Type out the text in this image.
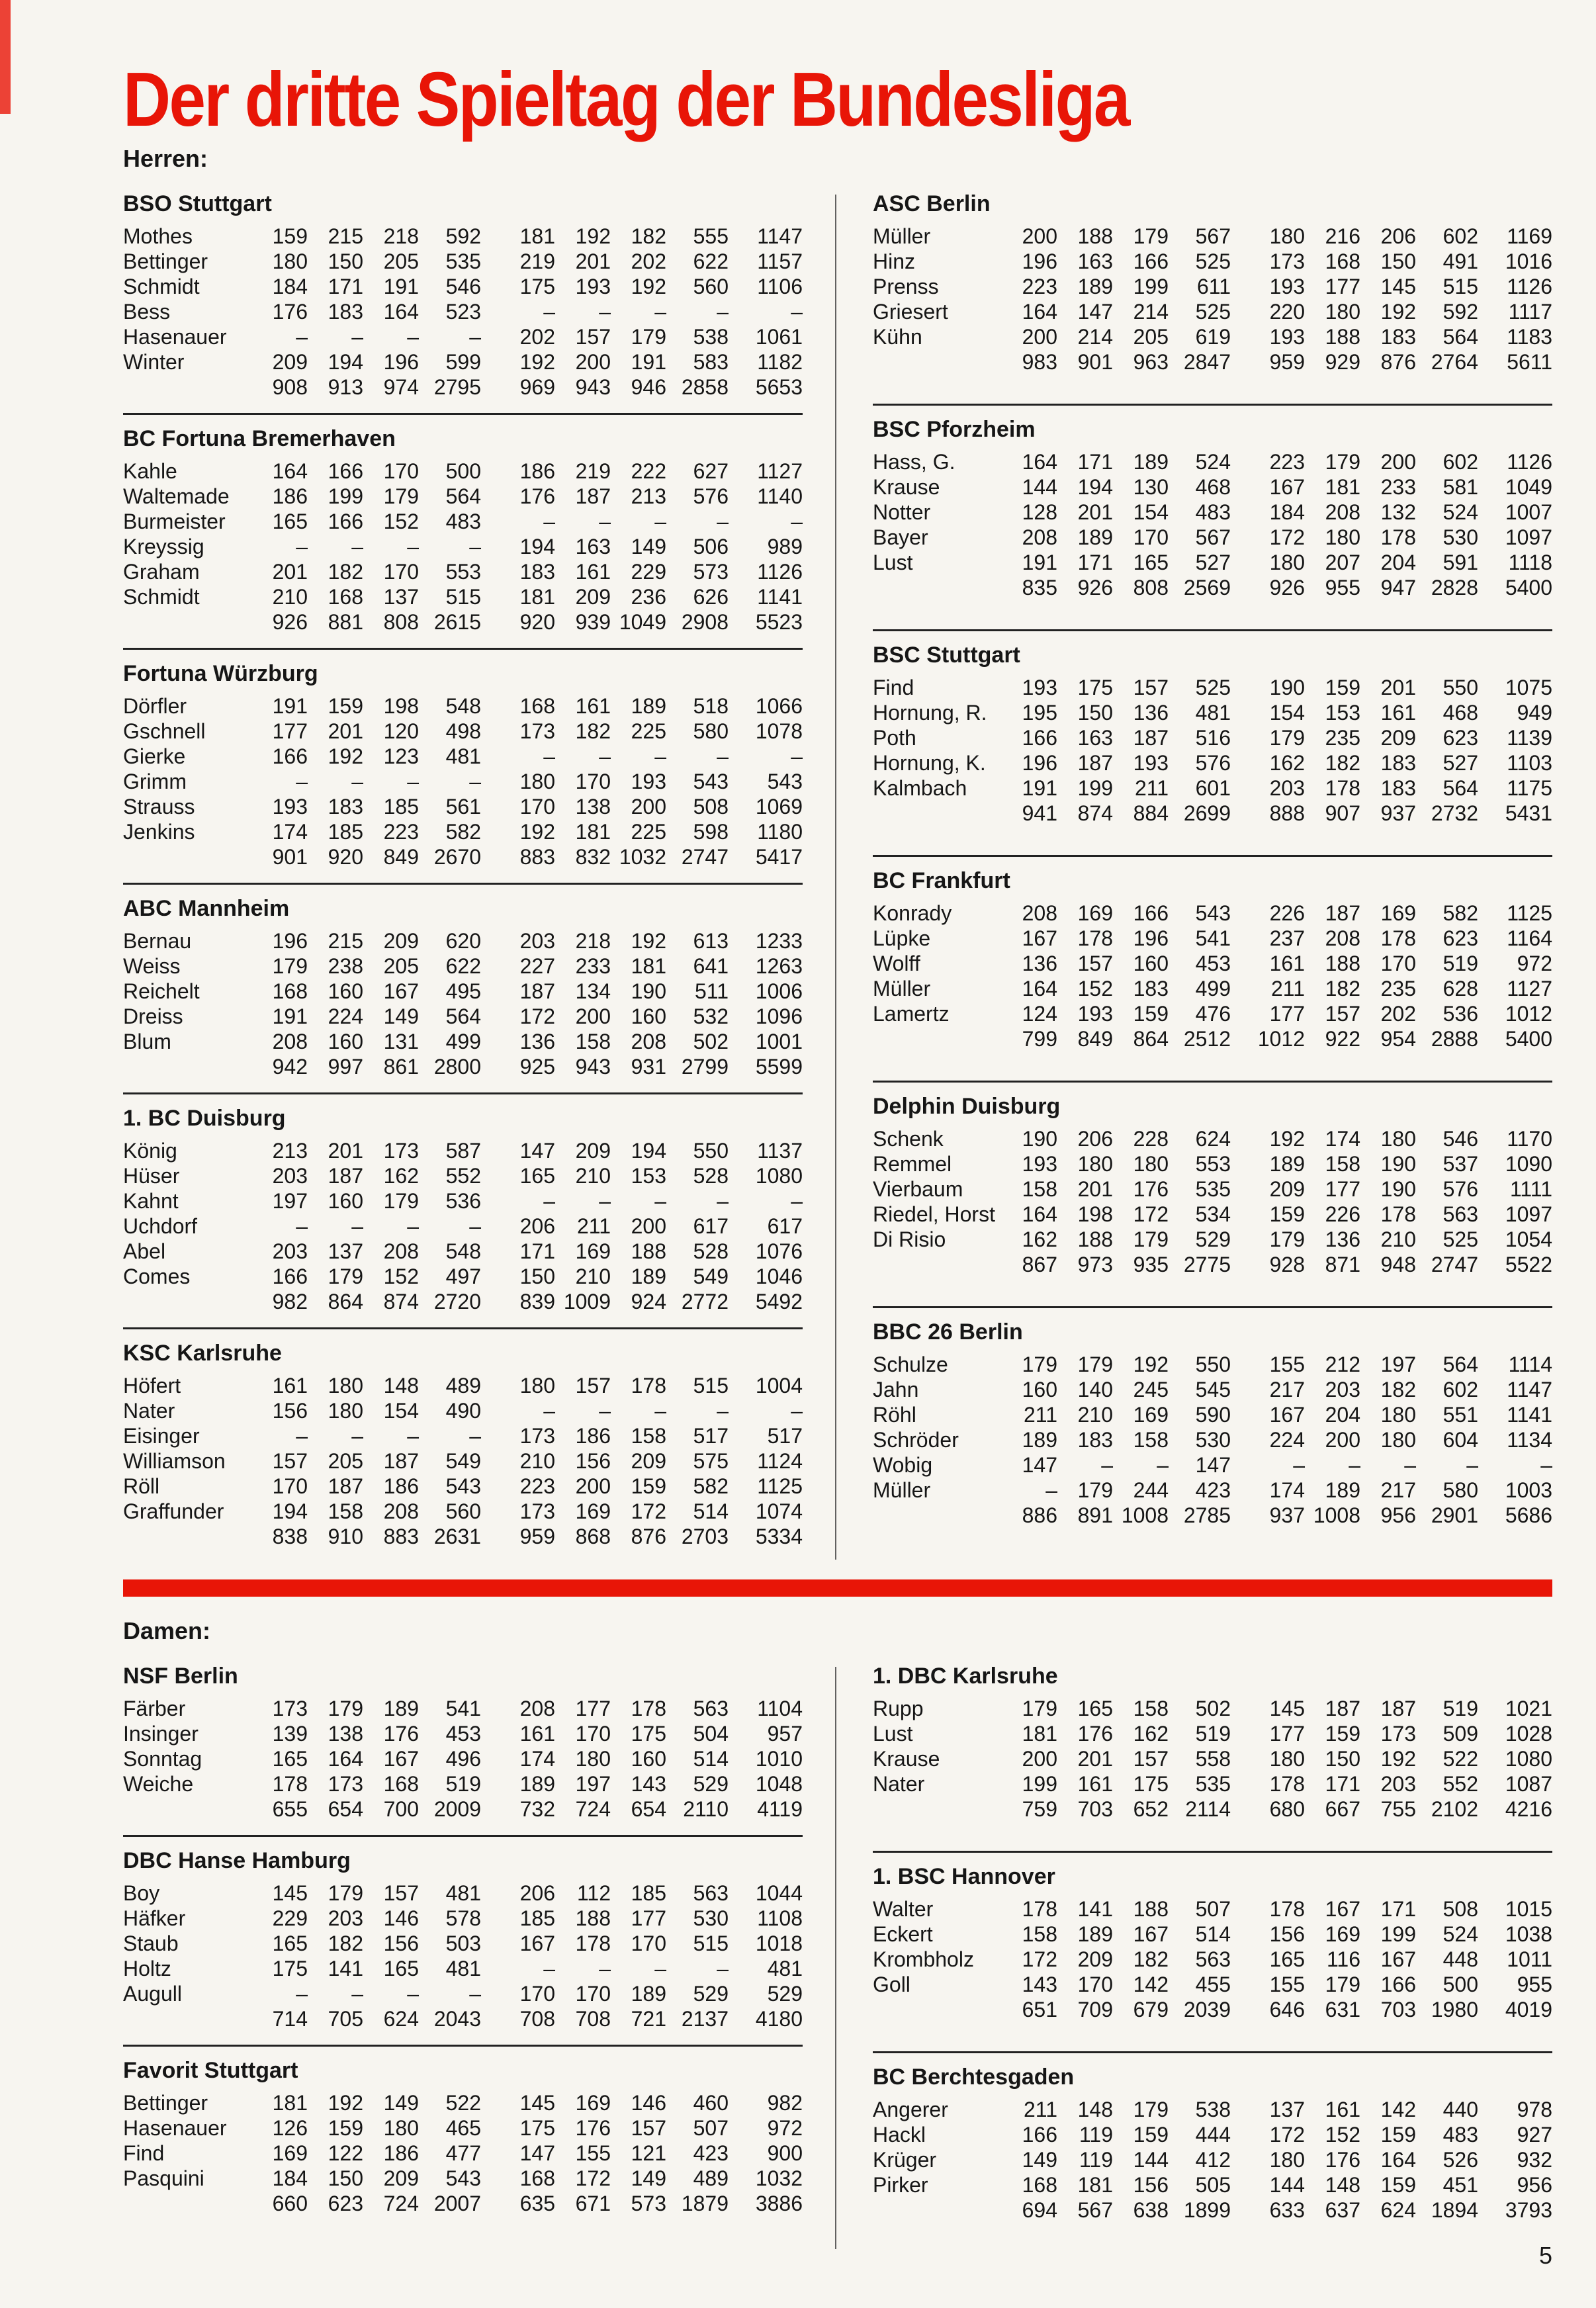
Der dritte Spieltag der Bundesliga
Herren:
BSO Stuttgart
Mothes	159 215 218	592	181 192 182	555	1147
Bettinger	180 150 205	535	219 201 202	622	1157
Schmidt	184 171 191	546	175 193 192	560	1106
Bess	176 183 164	523	–	–	–	–	–
Hasenauer	–	–	–	–	202 157 179	538	1061
Winter	209 194 196	599	192 200 191	583	1182
908 913 974 2795	969 943 946 2858	5653
BC Fortuna Bremerhaven
Kahle	164 166 170	500	186 219 222	627	1127
Waltemade	186 199 179	564	176 187 213	576	1140
Burmeister	165 166 152	483	–	–	–	–	–
Kreyssig	–	–	–	–	194 163 149	506	989
Graham	201 182 170	553	183 161 229	573	1126
Schmidt	210 168 137	515	181 209 236	626	1141
926 881 808 2615	920 939 1049 2908	5523
Fortuna Würzburg
Dörfler	191 159 198	548	168 161 189	518	1066
Gschnell	177 201 120	498	173 182 225	580	1078
Gierke	166 192 123	481	–	–	–	–	–
Grimm	–	–	–	–	180 170 193	543	543
Strauss	193 183 185	561	170 138 200	508	1069
Jenkins	174 185 223	582	192 181 225	598	1180
901 920 849 2670	883 832 1032 2747	5417
ABC Mannheim
Bernau	196 215 209	620	203 218 192	613	1233
Weiss	179 238 205	622	227 233 181	641	1263
Reichelt	168 160 167	495	187 134 190	511	1006
Dreiss	191 224 149	564	172 200 160	532	1096
Blum	208 160 131	499	136 158 208	502	1001
942 997 861 2800	925 943 931 2799	5599
1. BC Duisburg
König	213 201 173	587	147 209 194	550	1137
Hüser	203 187 162	552	165 210 153	528	1080
Kahnt	197 160 179	536	–	–	–	–	–
Uchdorf	–	–	–	–	206	211 200	617	617
Abel	203 137 208	548	171 169 188	528	1076
Comes	166 179 152	497	150 210 189	549	1046
982 864 874 2720	839 1009 924 2772	5492
KSC Karlsruhe
Höfert	161 180 148	489	180 157 178	515	1004
Nater	156 180 154	490	–	–	–	–	–
Eisinger	–	–	–	–	173 186 158	517	517
Williamson	157 205 187	549	210 156 209	575	1124
Röll	170 187 186	543	223 200 159	582	1125
Graffunder	194 158 208	560	173 169 172	514	1074
838 910 883 2631	959 868 876 2703	5334
ASC Berlin
Müller	200 188 179	567	180 216 206	602	1169
Hinz	196 163 166	525	173 168 150	491	1016
Prenss	223 189 199	611	193 177 145	515	1126
Griesert	164 147 214	525	220 180 192	592	1117
Kühn	200 214 205	619	193 188 183	564	1183
983 901 963 2847	959 929 876 2764	5611
BSC Pforzheim
Hass, G.	164 171 189	524	223 179 200	602	1126
Krause	144 194 130	468	167 181 233	581	1049
Notter	128 201 154	483	184 208 132	524	1007
Bayer	208 189 170	567	172 180 178	530	1097
Lust	191 171 165	527	180 207 204	591	1118
835 926 808 2569	926 955 947 2828	5400
BSC Stuttgart
Find	193 175 157	525	190 159 201	550	1075
Hornung, R.	195 150 136	481	154 153 161	468	949
Poth	166 163 187	516	179 235 209	623	1139
Hornung, K.	196 187 193	576	162 182 183	527	1103
Kalmbach	191 199	211	601	203 178 183	564	1175
941 874 884 2699	888 907 937 2732	5431
BC Frankfurt
Konrady	208 169 166	543	226 187 169	582	1125
Lüpke	167 178 196	541	237 208 178	623	1164
Wolff	136 157 160	453	161 188 170	519	972
Müller	164 152 183	499	211 182 235	628	1127
Lamertz	124 193 159	476	177 157 202	536	1012
799 849 864 2512	1012 922 954 2888	5400
Delphin Duisburg
Schenk	190 206 228	624	192 174 180	546	1170
Remmel	193 180 180	553	189 158 190	537	1090
Vierbaum	158 201 176	535	209 177 190	576	1111
Riedel, Horst	164 198 172	534	159 226 178	563	1097
Di Risio	162 188 179	529	179 136 210	525	1054
867 973 935 2775	928 871 948 2747	5522
BBC 26 Berlin
Schulze	179 179 192	550	155 212 197	564	1114
Jahn	160 140 245	545	217 203 182	602	1147
Röhl	211 210 169	590	167 204 180	551	1141
Schröder	189 183 158	530	224 200 180	604	1134
Wobig	147	–	–	147	–	–	–	–	–
Müller	– 179 244	423	174 189 217	580	1003
886 891 1008 2785	937 1008 956 2901	5686
Damen:
NSF Berlin
Färber	173 179 189	541	208 177 178	563	1104
Insinger	139 138 176	453	161 170 175	504	957
Sonntag	165 164 167	496	174 180 160	514	1010
Weiche	178 173 168	519	189 197 143	529	1048
655 654 700 2009	732 724 654 2110	4119
DBC Hanse Hamburg
Boy	145 179 157	481	206	112 185	563	1044
Häfker	229 203 146	578	185 188 177	530	1108
Staub	165 182 156	503	167 178 170	515	1018
Holtz	175 141 165	481	–	–	–	–	481
Augull	–	–	–	–	170 170 189	529	529
714 705 624 2043	708 708 721 2137	4180
Favorit Stuttgart
Bettinger	181 192 149	522	145 169 146	460	982
Hasenauer	126 159 180	465	175 176 157	507	972
Find	169 122 186	477	147 155 121	423	900
Pasquini	184 150 209	543	168 172 149	489	1032
660 623 724 2007	635 671 573 1879	3886
1. DBC Karlsruhe
Rupp	179 165 158	502	145 187 187	519	1021
Lust	181 176 162	519	177 159 173	509	1028
Krause	200 201 157	558	180 150 192	522	1080
Nater	199 161 175	535	178 171 203	552	1087
759 703 652 2114	680 667 755 2102	4216
1. BSC Hannover
Walter	178 141 188	507	178 167 171	508	1015
Eckert	158 189 167	514	156 169 199	524	1038
Krombholz	172 209 182	563	165	116 167	448	1011
Goll	143 170 142	455	155 179 166	500	955
651 709 679 2039	646 631 703 1980	4019
BC Berchtesgaden
Angerer	211 148 179	538	137 161 142	440	978
Hackl	166	119 159	444	172 152 159	483	927
Krüger	149	119 144	412	180 176 164	526	932
Pirker	168 181 156	505	144 148 159	451	956
694 567 638 1899	633 637 624 1894	3793
5
